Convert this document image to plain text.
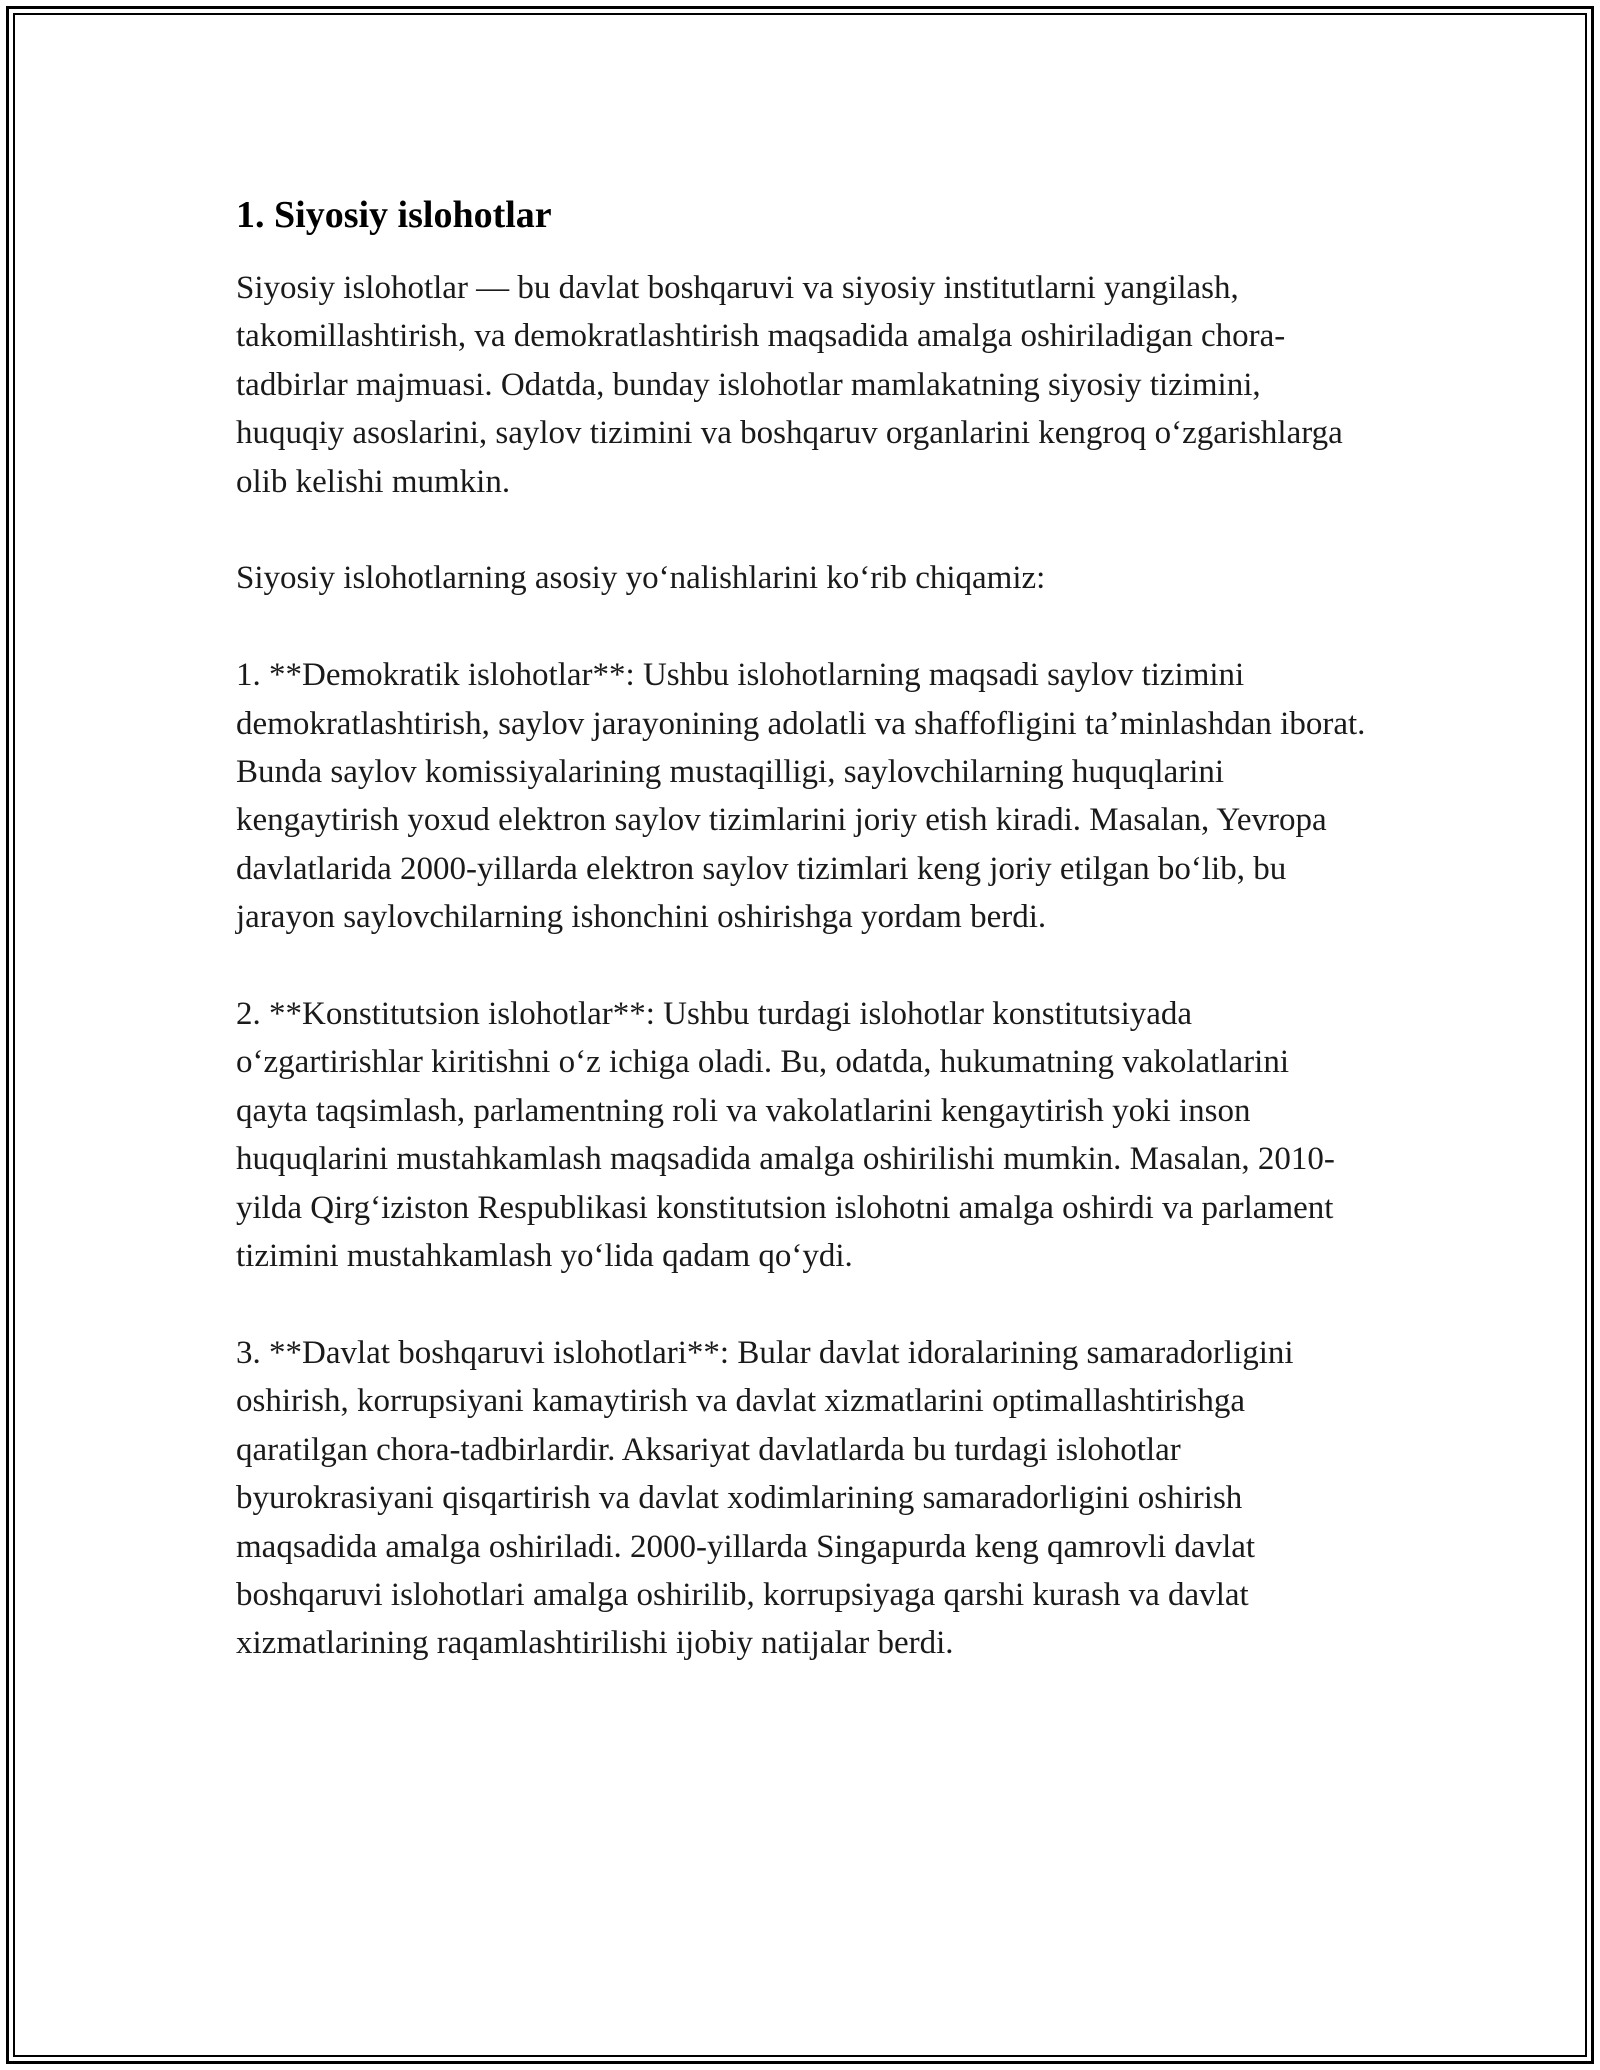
1. Siyosiy islohotlar

Siyosiy islohotlar — bu davlat boshqaruvi va siyosiy institutlarni yangilash, takomillashtirish, va demokratlashtirish maqsadida amalga oshiriladigan chora-tadbirlar majmuasi. Odatda, bunday islohotlar mamlakatning siyosiy tizimini, huquqiy asoslarini, saylov tizimini va boshqaruv organlarini kengroq oʻzgarishlarga olib kelishi mumkin.

Siyosiy islohotlarning asosiy yoʻnalishlarini koʻrib chiqamiz:

1. **Demokratik islohotlar**: Ushbu islohotlarning maqsadi saylov tizimini demokratlashtirish, saylov jarayonining adolatli va shaffofligini taʼminlashdan iborat. Bunda saylov komissiyalarining mustaqilligi, saylovchilarning huquqlarini kengaytirish yoxud elektron saylov tizimlarini joriy etish kiradi. Masalan, Yevropa davlatlarida 2000-yillarda elektron saylov tizimlari keng joriy etilgan boʻlib, bu jarayon saylovchilarning ishonchini oshirishga yordam berdi.

2. **Konstitutsion islohotlar**: Ushbu turdagi islohotlar konstitutsiyada oʻzgartirishlar kiritishni oʻz ichiga oladi. Bu, odatda, hukumatning vakolatlarini qayta taqsimlash, parlamentning roli va vakolatlarini kengaytirish yoki inson huquqlarini mustahkamlash maqsadida amalga oshirilishi mumkin. Masalan, 2010-yilda Qirgʻiziston Respublikasi konstitutsion islohotni amalga oshirdi va parlament tizimini mustahkamlash yoʻlida qadam qoʻydi.

3. **Davlat boshqaruvi islohotlari**: Bular davlat idoralarining samaradorligini oshirish, korrupsiyani kamaytirish va davlat xizmatlarini optimallashtirishga qaratilgan chora-tadbirlardir. Aksariyat davlatlarda bu turdagi islohotlar byurokrasiyani qisqartirish va davlat xodimlarining samaradorligini oshirish maqsadida amalga oshiriladi. 2000-yillarda Singapurda keng qamrovli davlat boshqaruvi islohotlari amalga oshirilib, korrupsiyaga qarshi kurash va davlat xizmatlarining raqamlashtirilishi ijobiy natijalar berdi.
